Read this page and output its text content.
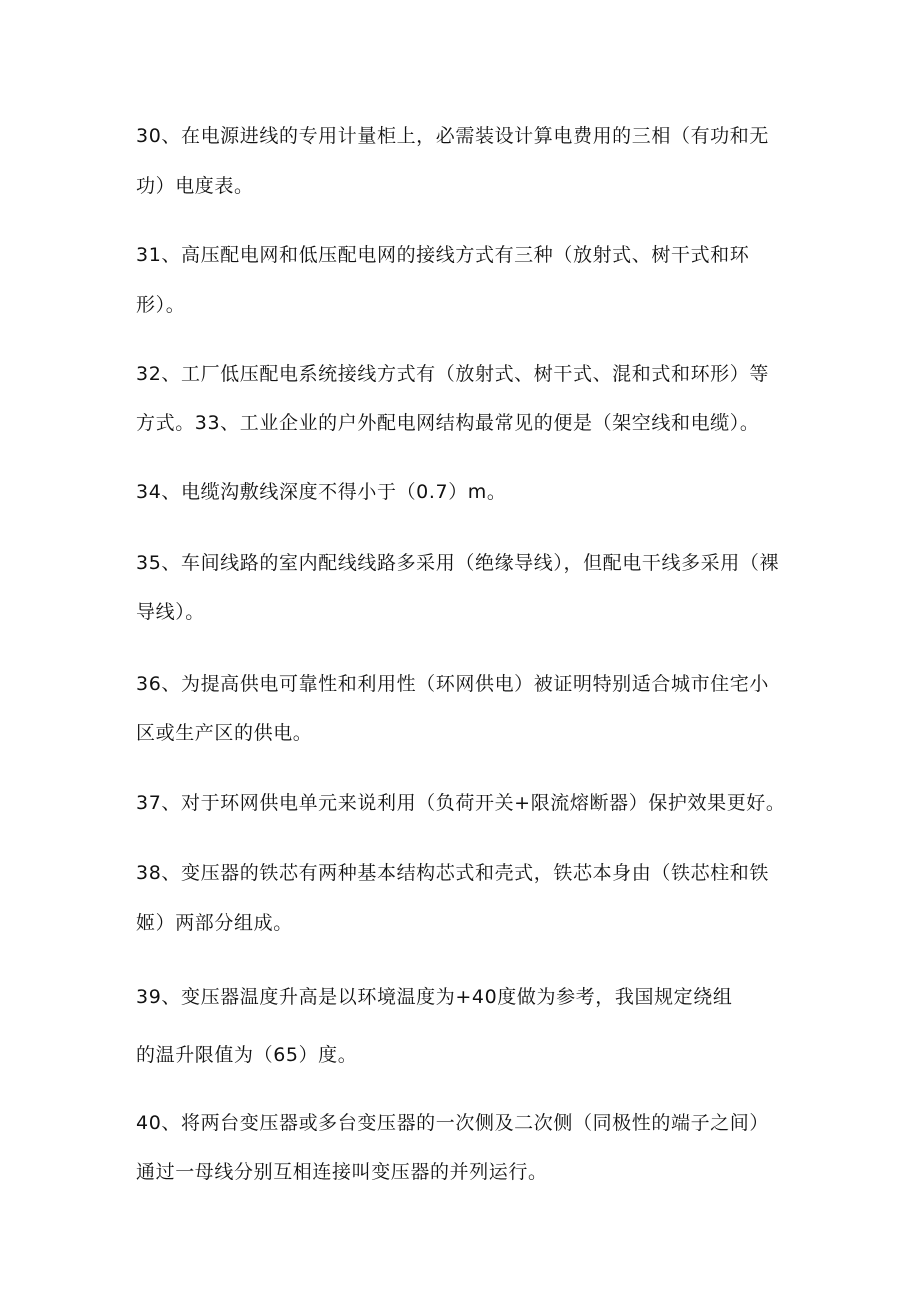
30、在电源进线的专用计量柜上，必需装设计算电费用的三相（有功和无
功）电度表。
31、高压配电网和低压配电网的接线方式有三种（放射式、树干式和环
形）。
32、工厂低压配电系统接线方式有（放射式、树干式、混和式和环形）等
方式。33、工业企业的户外配电网结构最常见的便是（架空线和电缆）。
34、电缆沟敷线深度不得小于（0.7）m。
35、车间线路的室内配线线路多采用（绝缘导线），但配电干线多采用（裸
导线）。
36、为提高供电可靠性和利用性（环网供电）被证明特别适合城市住宅小
区或生产区的供电。
37、对于环网供电单元来说利用（负荷开关+限流熔断器）保护效果更好。
38、变压器的铁芯有两种基本结构芯式和壳式，铁芯本身由（铁芯柱和铁
姬）两部分组成。
39、变压器温度升高是以环境温度为+40度做为参考，我国规定绕组
的温升限值为（65）度。
40、将两台变压器或多台变压器的一次侧及二次侧（同极性的端子之间）
通过一母线分别互相连接叫变压器的并列运行。
